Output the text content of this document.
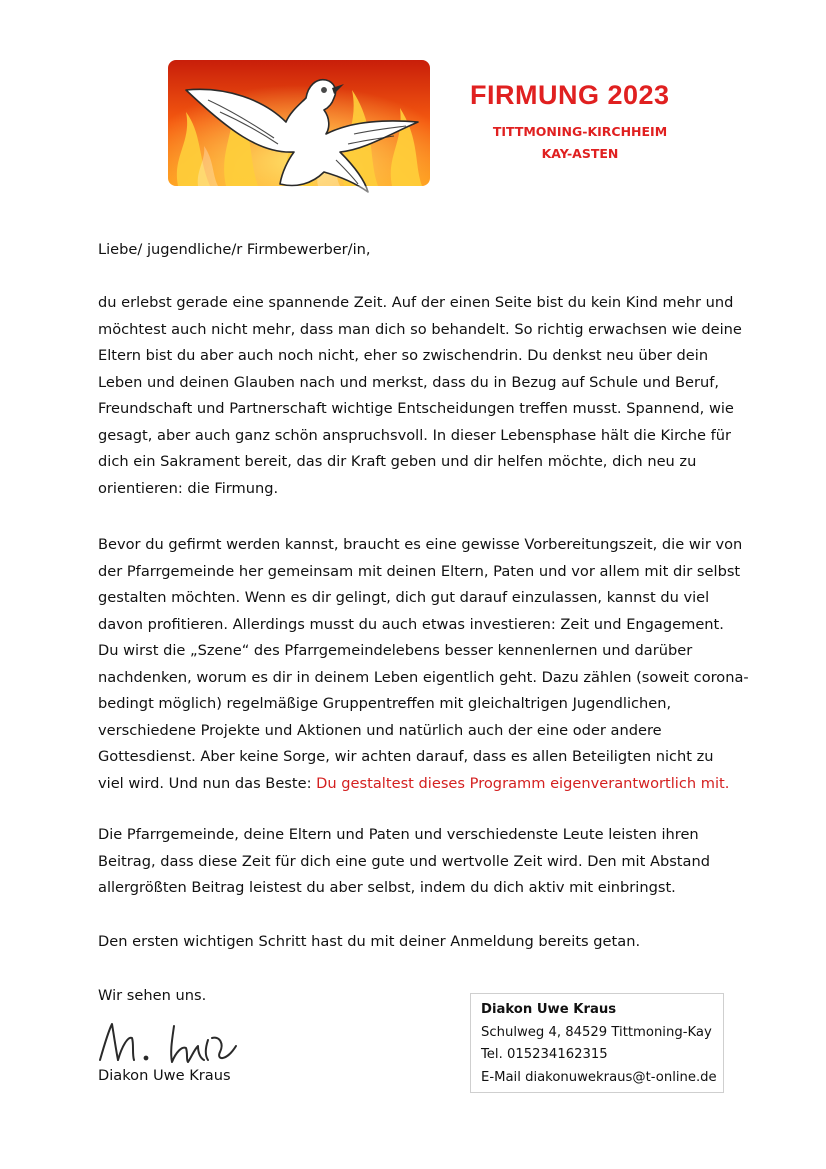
FIRMUNG 2023
TITTMONING-KIRCHHEIM
KAY-ASTEN
Liebe/ jugendliche/r Firmbewerber/in,
du erlebst gerade eine spannende Zeit. Auf der einen Seite bist du kein Kind mehr und
möchtest auch nicht mehr, dass man dich so behandelt. So richtig erwachsen wie deine
Eltern bist du aber auch noch nicht, eher so zwischendrin. Du denkst neu über dein
Leben und deinen Glauben nach und merkst, dass du in Bezug auf Schule und Beruf,
Freundschaft und Partnerschaft wichtige Entscheidungen treffen musst. Spannend, wie
gesagt, aber auch ganz schön anspruchsvoll. In dieser Lebensphase hält die Kirche für
dich ein Sakrament bereit, das dir Kraft geben und dir helfen möchte, dich neu zu
orientieren: die Firmung.
Bevor du gefirmt werden kannst, braucht es eine gewisse Vorbereitungszeit, die wir von
der Pfarrgemeinde her gemeinsam mit deinen Eltern, Paten und vor allem mit dir selbst
gestalten möchten. Wenn es dir gelingt, dich gut darauf einzulassen, kannst du viel
davon profitieren. Allerdings musst du auch etwas investieren: Zeit und Engagement.
Du wirst die „Szene“ des Pfarrgemeindelebens besser kennenlernen und darüber
nachdenken, worum es dir in deinem Leben eigentlich geht. Dazu zählen (soweit corona-
bedingt möglich) regelmäßige Gruppentreffen mit gleichaltrigen Jugendlichen,
verschiedene Projekte und Aktionen und natürlich auch der eine oder andere
Gottesdienst. Aber keine Sorge, wir achten darauf, dass es allen Beteiligten nicht zu
viel wird. Und nun das Beste: Du gestaltest dieses Programm eigenverantwortlich mit.
Die Pfarrgemeinde, deine Eltern und Paten und verschiedenste Leute leisten ihren
Beitrag, dass diese Zeit für dich eine gute und wertvolle Zeit wird. Den mit Abstand
allergrößten Beitrag leistest du aber selbst, indem du dich aktiv mit einbringst.
Den ersten wichtigen Schritt hast du mit deiner Anmeldung bereits getan.
Wir sehen uns.
Diakon Uwe Kraus
Diakon Uwe Kraus
Schulweg 4, 84529 Tittmoning-Kay
Tel. 015234162315
E-Mail diakonuwekraus@t-online.de
